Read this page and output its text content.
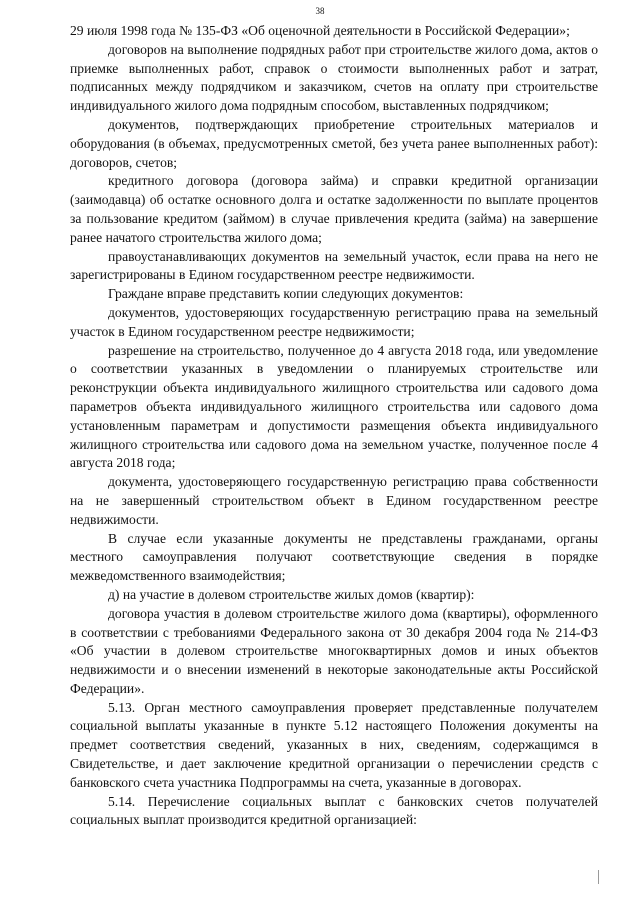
38

29 июля 1998 года № 135-ФЗ «Об оценочной деятельности в Российской Федерации»;

договоров на выполнение подрядных работ при строительстве жилого дома, актов о приемке выполненных работ, справок о стоимости выполненных работ и затрат, подписанных между подрядчиком и заказчиком, счетов на оплату при строительстве индивидуального жилого дома подрядным способом, выставленных подрядчиком;

документов, подтверждающих приобретение строительных материалов и оборудования (в объемах, предусмотренных сметой, без учета ранее выполненных работ): договоров, счетов;

кредитного договора (договора займа) и справки кредитной организации (заимодавца) об остатке основного долга и остатке задолженности по выплате процентов за пользование кредитом (займом) в случае привлечения кредита (займа) на завершение ранее начатого строительства жилого дома;

правоустанавливающих документов на земельный участок, если права на него не зарегистрированы в Едином государственном реестре недвижимости.

Граждане вправе представить копии следующих документов:

документов, удостоверяющих государственную регистрацию права на земельный участок в Едином государственном реестре недвижимости;

разрешение на строительство, полученное до 4 августа 2018 года, или уведомление о соответствии указанных в уведомлении о планируемых строительстве или реконструкции объекта индивидуального жилищного строительства или садового дома параметров объекта индивидуального жилищного строительства или садового дома установленным параметрам и допустимости размещения объекта индивидуального жилищного строительства или садового дома на земельном участке, полученное после 4 августа 2018 года;

документа, удостоверяющего государственную регистрацию права собственности на не завершенный строительством объект в Едином государственном реестре недвижимости.

В случае если указанные документы не представлены гражданами, органы местного самоуправления получают соответствующие сведения в порядке межведомственного взаимодействия;

д) на участие в долевом строительстве жилых домов (квартир):

договора участия в долевом строительстве жилого дома (квартиры), оформленного в соответствии с требованиями Федерального закона от 30 декабря 2004 года № 214-ФЗ «Об участии в долевом строительстве многоквартирных домов и иных объектов недвижимости и о внесении изменений в некоторые законодательные акты Российской Федерации».

5.13. Орган местного самоуправления проверяет представленные получателем социальной выплаты указанные в пункте 5.12 настоящего Положения документы на предмет соответствия сведений, указанных в них, сведениям, содержащимся в Свидетельстве, и дает заключение кредитной организации о перечислении средств с банковского счета участника Подпрограммы на счета, указанные в договорах.

5.14. Перечисление социальных выплат с банковских счетов получателей социальных выплат производится кредитной организацией:
